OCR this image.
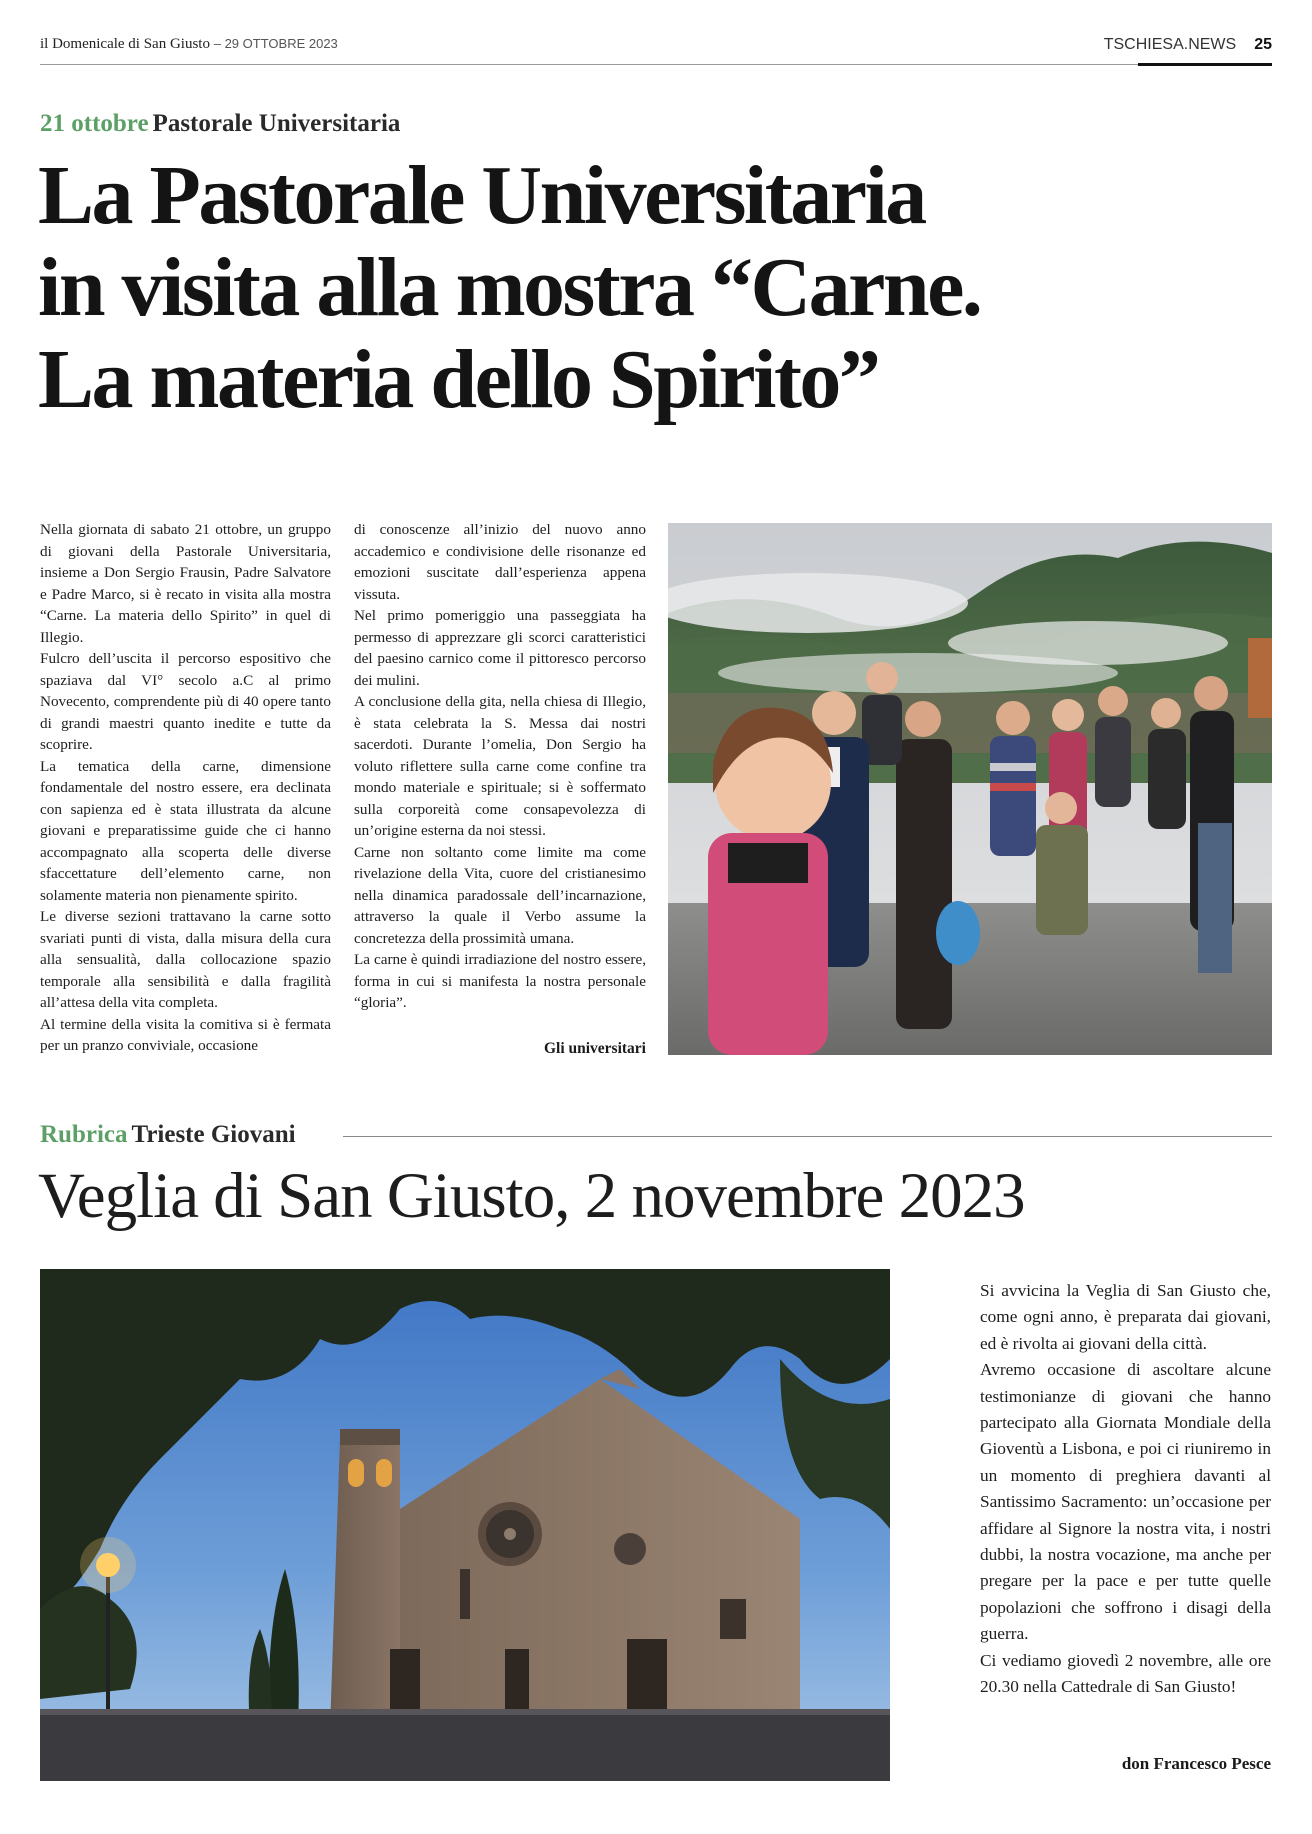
il Domenicale di San Giusto – 29 OTTOBRE 2023	TSCHIESA.NEWS 25
21 ottobre Pastorale Universitaria
La Pastorale Universitaria
in visita alla mostra “Carne.
La materia dello Spirito”

Nella giornata di sabato 21 ottobre, un gruppo di giovani della Pastorale Universitaria, insieme a Don Sergio Frausin, Padre Salvatore e Padre Marco, si è recato in visita alla mostra “Carne. La materia dello Spirito” in quel di Illegio.

Fulcro dell’uscita il percorso espositivo che spaziava dal VI° secolo a.C al primo Novecento, comprendente più di 40 opere tanto di grandi maestri quanto inedite e tutte da scoprire.

La tematica della carne, dimensione fondamentale del nostro essere, era declinata con sapienza ed è stata illustrata da alcune giovani e preparatissime guide che ci hanno accompagnato alla scoperta delle diverse sfaccettature dell’elemento carne, non solamente materia non pienamente spirito.

Le diverse sezioni trattavano la carne sotto svariati punti di vista, dalla misura della cura alla sensualità, dalla collocazione spazio temporale alla sensibilità e dalla fragilità all’attesa della vita completa.

Al termine della visita la comitiva si è fermata per un pranzo conviviale, occasione

di conoscenze all’inizio del nuovo anno accademico e condivisione delle risonanze ed emozioni suscitate dall’esperienza appena vissuta.

Nel primo pomeriggio una passeggiata ha permesso di apprezzare gli scorci caratteristici del paesino carnico come il pittoresco percorso dei mulini.

A conclusione della gita, nella chiesa di Illegio, è stata celebrata la S. Messa dai nostri sacerdoti. Durante l’omelia, Don Sergio ha voluto riflettere sulla carne come confine tra mondo materiale e spirituale; si è soffermato sulla corporeità come consapevolezza di un’origine esterna da noi stessi.

Carne non soltanto come limite ma come rivelazione della Vita, cuore del cristianesimo nella dinamica paradossale dell’incarnazione, attraverso la quale il Verbo assume la concretezza della prossimità umana.

La carne è quindi irradiazione del nostro essere, forma in cui si manifesta la nostra personale “gloria”.

Gli universitari
Rubrica Trieste Giovani
Veglia di San Giusto, 2 novembre 2023

Si avvicina la Veglia di San Giusto che, come ogni anno, è preparata dai giovani, ed è rivolta ai giovani della città.

Avremo occasione di ascoltare alcune testimonianze di giovani che hanno partecipato alla Giornata Mondiale della Gioventù a Lisbona, e poi ci riuniremo in un momento di preghiera davanti al Santissimo Sacramento: un’occasione per affidare al Signore la nostra vita, i nostri dubbi, la nostra vocazione, ma anche per pregare per la pace e per tutte quelle popolazioni che soffrono i disagi della guerra.

Ci vediamo giovedì 2 novembre, alle ore 20.30 nella Cattedrale di San Giusto!

don Francesco Pesce
